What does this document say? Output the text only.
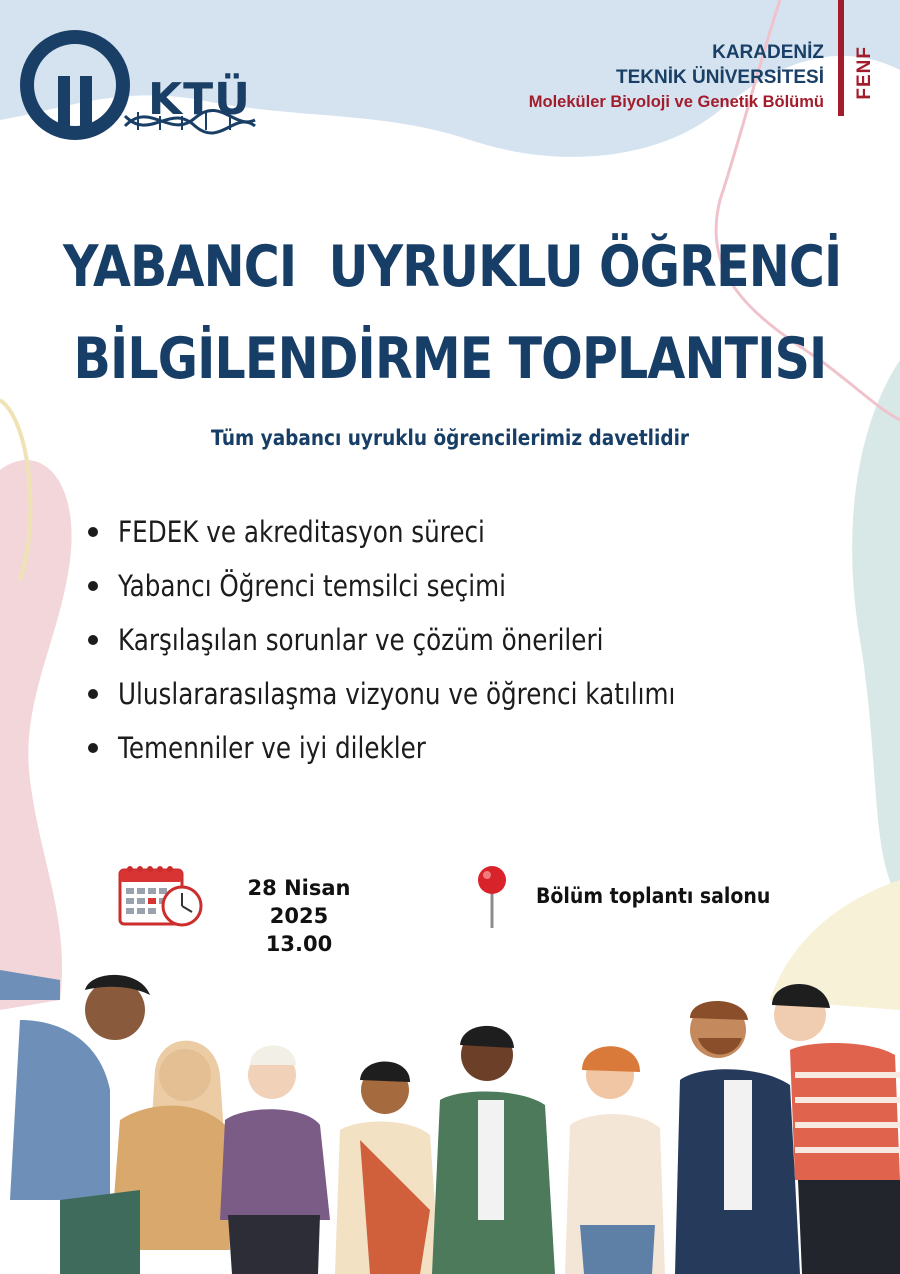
KTÜ
KARADENİZ
TEKNİK ÜNİVERSİTESİ
Moleküler Biyoloji ve Genetik Bölümü
FENF
YABANCI  UYRUKLU ÖĞRENCİ
BİLGİLENDİRME TOPLANTISI
Tüm yabancı uyruklu öğrencilerimiz davetlidir
FEDEK ve akreditasyon süreci
Yabancı Öğrenci temsilci seçimi
Karşılaşılan sorunlar ve çözüm önerileri
Uluslararasılaşma vizyonu ve öğrenci katılımı
Temenniler ve iyi dilekler
28 Nisan 2025
13.00
Bölüm toplantı salonu
